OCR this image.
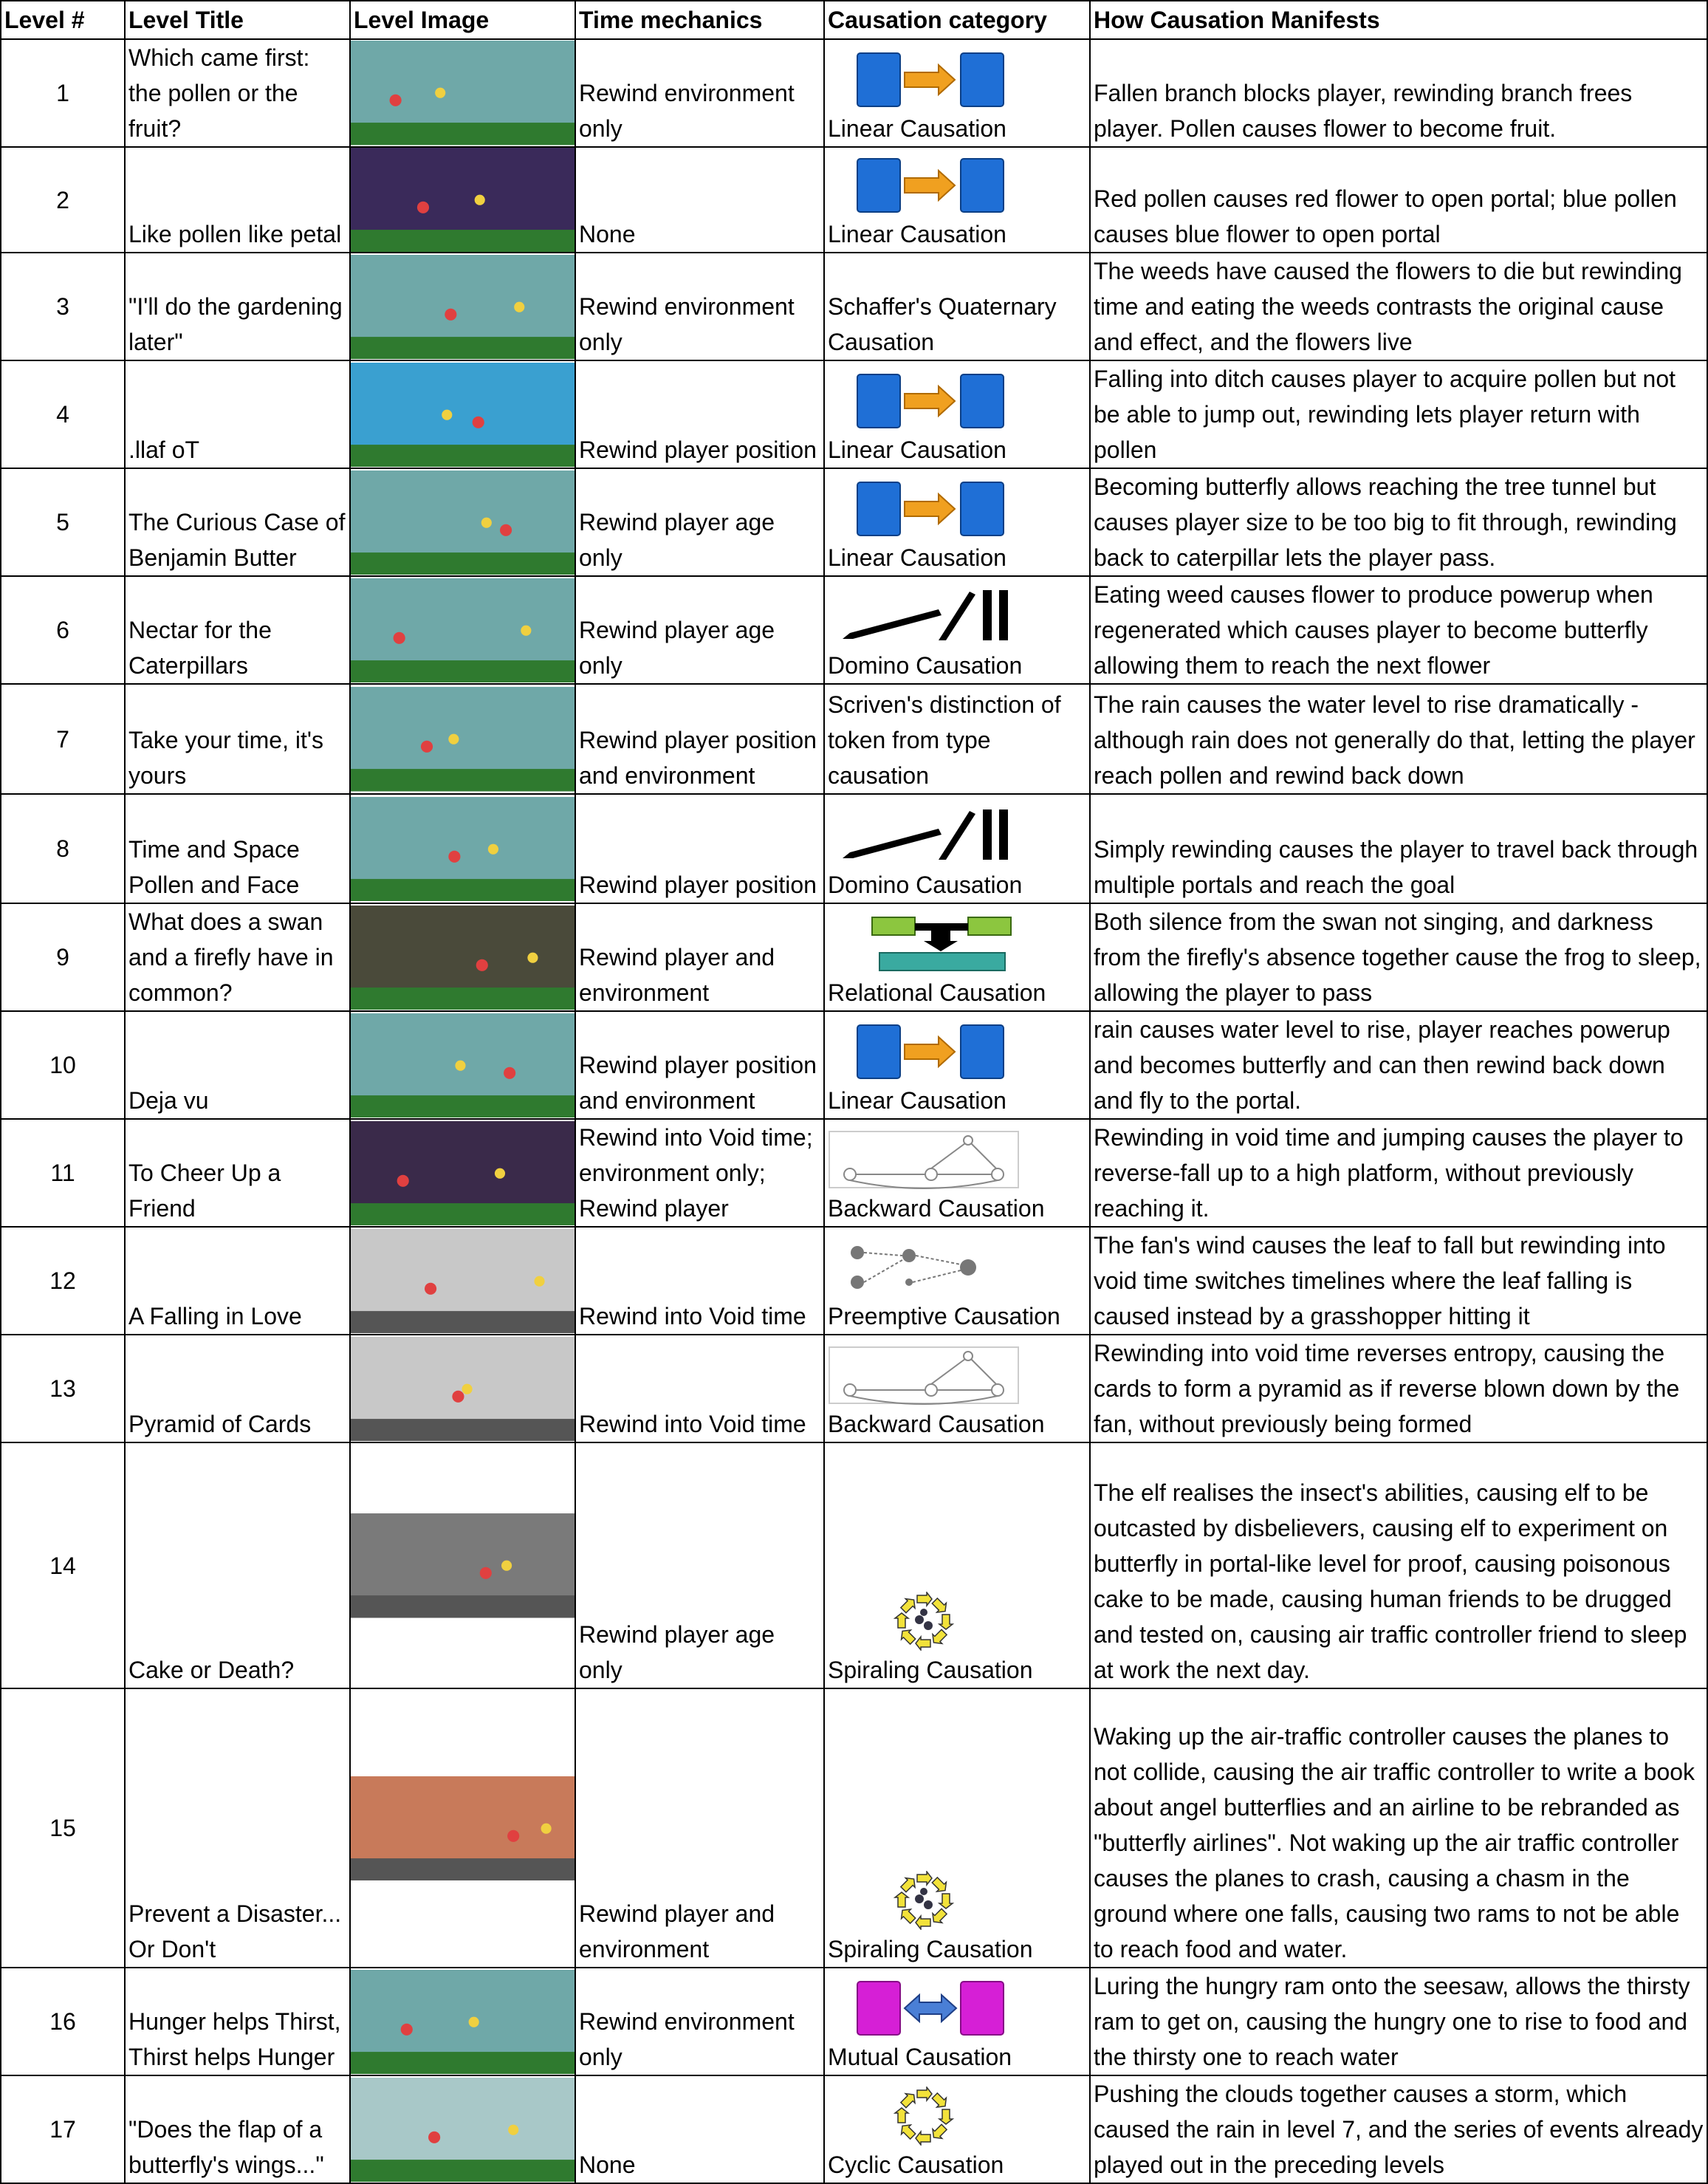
Level #	Level Title	Level Image	Time mechanics	Causation category	How Causation Manifests
1	Which came first: the pollen or the fruit?		Rewind environment only	Linear Causation	Fallen branch blocks player, rewinding branch frees player. Pollen causes flower to become fruit.
2	Like pollen like petal		None	Linear Causation	Red pollen causes red flower to open portal; blue pollen causes blue flower to open portal
3	"I'll do the gardening later"		Rewind environment only	Schaffer's Quaternary Causation	The weeds have caused the flowers to die but rewinding time and eating the weeds contrasts the original cause and effect, and the flowers live
4	.llaf oT		Rewind player position	Linear Causation	Falling into ditch causes player to acquire pollen but not be able to jump out, rewinding lets player return with pollen
5	The Curious Case of Benjamin Butter		Rewind player age only	Linear Causation	Becoming butterfly allows reaching the tree tunnel but causes player size to be too big to fit through, rewinding back to caterpillar lets the player pass.
6	Nectar for the Caterpillars		Rewind player age only	Domino Causation	Eating weed causes flower to produce powerup when regenerated which causes player to become butterfly allowing them to reach the next flower
7	Take your time, it's yours		Rewind player position and environment	Scriven's distinction of token from type causation	The rain causes the water level to rise dramatically - although rain does not generally do that, letting the player reach pollen and rewind back down
8	Time and Space Pollen and Face		Rewind player position	Domino Causation	Simply rewinding causes the player to travel back through multiple portals and reach the goal
9	What does a swan and a firefly have in common?		Rewind player and environment	Relational Causation	Both silence from the swan not singing, and darkness from the firefly's absence together cause the frog to sleep, allowing the player to pass
10	Deja vu		Rewind player position and environment	Linear Causation	rain causes water level to rise, player reaches powerup and becomes butterfly and can then rewind back down and fly to the portal.
11	To Cheer Up a Friend		Rewind into Void time; environment only; Rewind player	Backward Causation	Rewinding in void time and jumping causes the player to reverse-fall up to a high platform, without previously reaching it.
12	A Falling in Love		Rewind into Void time	Preemptive Causation	The fan's wind causes the leaf to fall but rewinding into void time switches timelines where the leaf falling is caused instead by a grasshopper hitting it
13	Pyramid of Cards		Rewind into Void time	Backward Causation	Rewinding into void time reverses entropy, causing the cards to form a pyramid as if reverse blown down by the fan, without previously being formed
14	Cake or Death?		Rewind player age only	Spiraling Causation	The elf realises the insect's abilities, causing elf to be outcasted by disbelievers, causing elf to experiment on butterfly in portal-like level for proof, causing poisonous cake to be made, causing human friends to be drugged and tested on, causing air traffic controller friend to sleep at work the next day.
15	Prevent a Disaster... Or Don't		Rewind player and environment	Spiraling Causation	Waking up the air-traffic controller causes the planes to not collide, causing the air traffic controller to write a book about angel butterflies and an airline to be rebranded as "butterfly airlines". Not waking up the air traffic controller causes the planes to crash, causing a chasm in the ground where one falls, causing two rams to not be able to reach food and water.
16	Hunger helps Thirst, Thirst helps Hunger		Rewind environment only	Mutual Causation	Luring the hungry ram onto the seesaw, allows the thirsty ram to get on, causing the hungry one to rise to food and the thirsty one to reach water
17	"Does the flap of a butterfly's wings..."		None	Cyclic Causation	Pushing the clouds together causes a storm, which caused the rain in level 7, and the series of events already played out in the preceding levels
